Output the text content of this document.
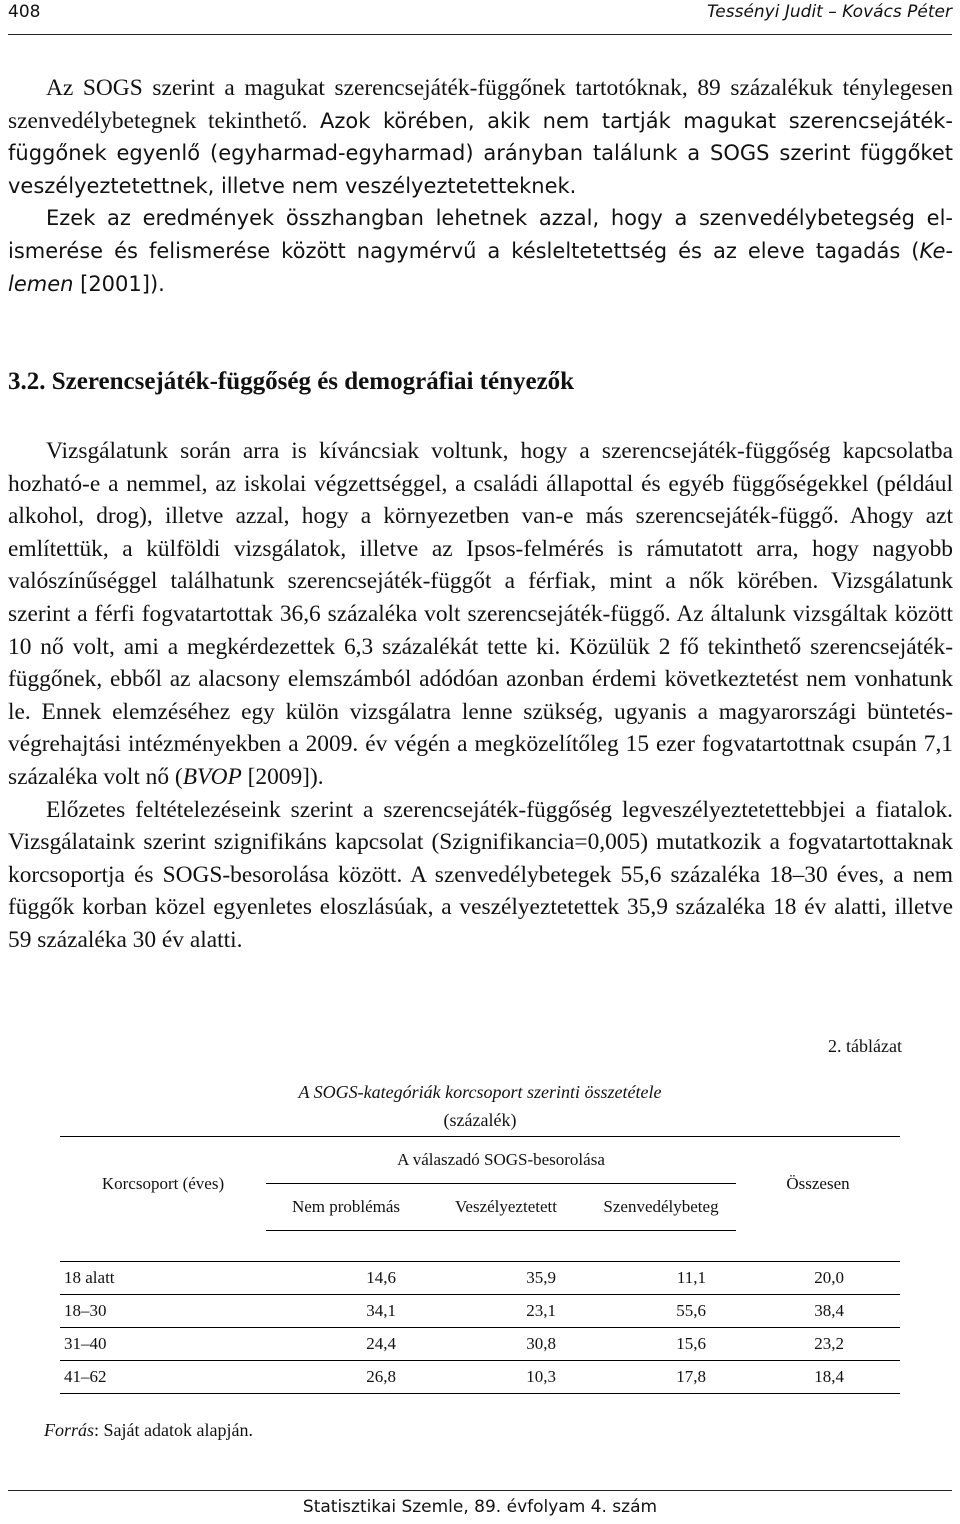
408	Tessényi Judit – Kovács Péter

Az SOGS szerint a magukat szerencsejáték-függőnek tartotóknak, 89 százalékuk ténylegesen szenvedélybetegnek tekinthető. Azok körében, akik nem tartják magukat szerencsejáték-függőnek egyenlő (egyharmad-egyharmad) arányban találunk a SOGS szerint függőket veszélyeztetettnek, illetve nem veszélyeztetetteknek.

Ezek az eredmények összhangban lehetnek azzal, hogy a szenvedélybetegség elismerése és felismerése között nagymérvű a késleltetettség és az eleve tagadás (Kelemen [2001]).

3.2. Szerencsejáték-függőség és demográfiai tényezők

Vizsgálatunk során arra is kíváncsiak voltunk, hogy a szerencsejáték-függőség kapcsolatba hozható-e a nemmel, az iskolai végzettséggel, a családi állapottal és egyéb függőségekkel (például alkohol, drog), illetve azzal, hogy a környezetben van-e más szerencsejáték-függő. Ahogy azt említettük, a külföldi vizsgálatok, illetve az Ipsos-felmérés is rámutatott arra, hogy nagyobb valószínűséggel találhatunk szerencsejáték-függőt a férfiak, mint a nők körében. Vizsgálatunk szerint a férfi fogvatartottak 36,6 százaléka volt szerencsejáték-függő. Az általunk vizsgáltak között 10 nő volt, ami a megkérdezettek 6,3 százalékát tette ki. Közülük 2 fő tekinthető szerencsejáték-függőnek, ebből az alacsony elemszámból adódóan azonban érdemi következtetést nem vonhatunk le. Ennek elemzéséhez egy külön vizsgálatra lenne szükség, ugyanis a magyarországi büntetés-végrehajtási intézményekben a 2009. év végén a megközelítőleg 15 ezer fogvatartottnak csupán 7,1 százaléka volt nő (BVOP [2009]).

Előzetes feltételezéseink szerint a szerencsejáték-függőség legveszélyeztetettebbjei a fiatalok. Vizsgálataink szerint szignifikáns kapcsolat (Szignifikancia=0,005) mutatkozik a fogvatartottaknak korcsoportja és SOGS-besorolása között. A szenvedélybetegek 55,6 százaléka 18–30 éves, a nem függők korban közel egyenletes eloszlásúak, a veszélyeztetettek 35,9 százaléka 18 év alatti, illetve 59 százaléka 30 év alatti.

2. táblázat
A SOGS-kategóriák korcsoport szerinti összetétele
(százalék)
Korcsoport (éves)	A válaszadó SOGS-besorolása			Összesen
	Nem problémás	Veszélyeztetett	Szenvedélybeteg	

18 alatt	14,6	35,9	11,1	20,0
18–30	34,1	23,1	55,6	38,4
31–40	24,4	30,8	15,6	23,2
41–62	26,8	10,3	17,8	18,4
Forrás: Saját adatok alapján.
Statisztikai Szemle, 89. évfolyam 4. szám
